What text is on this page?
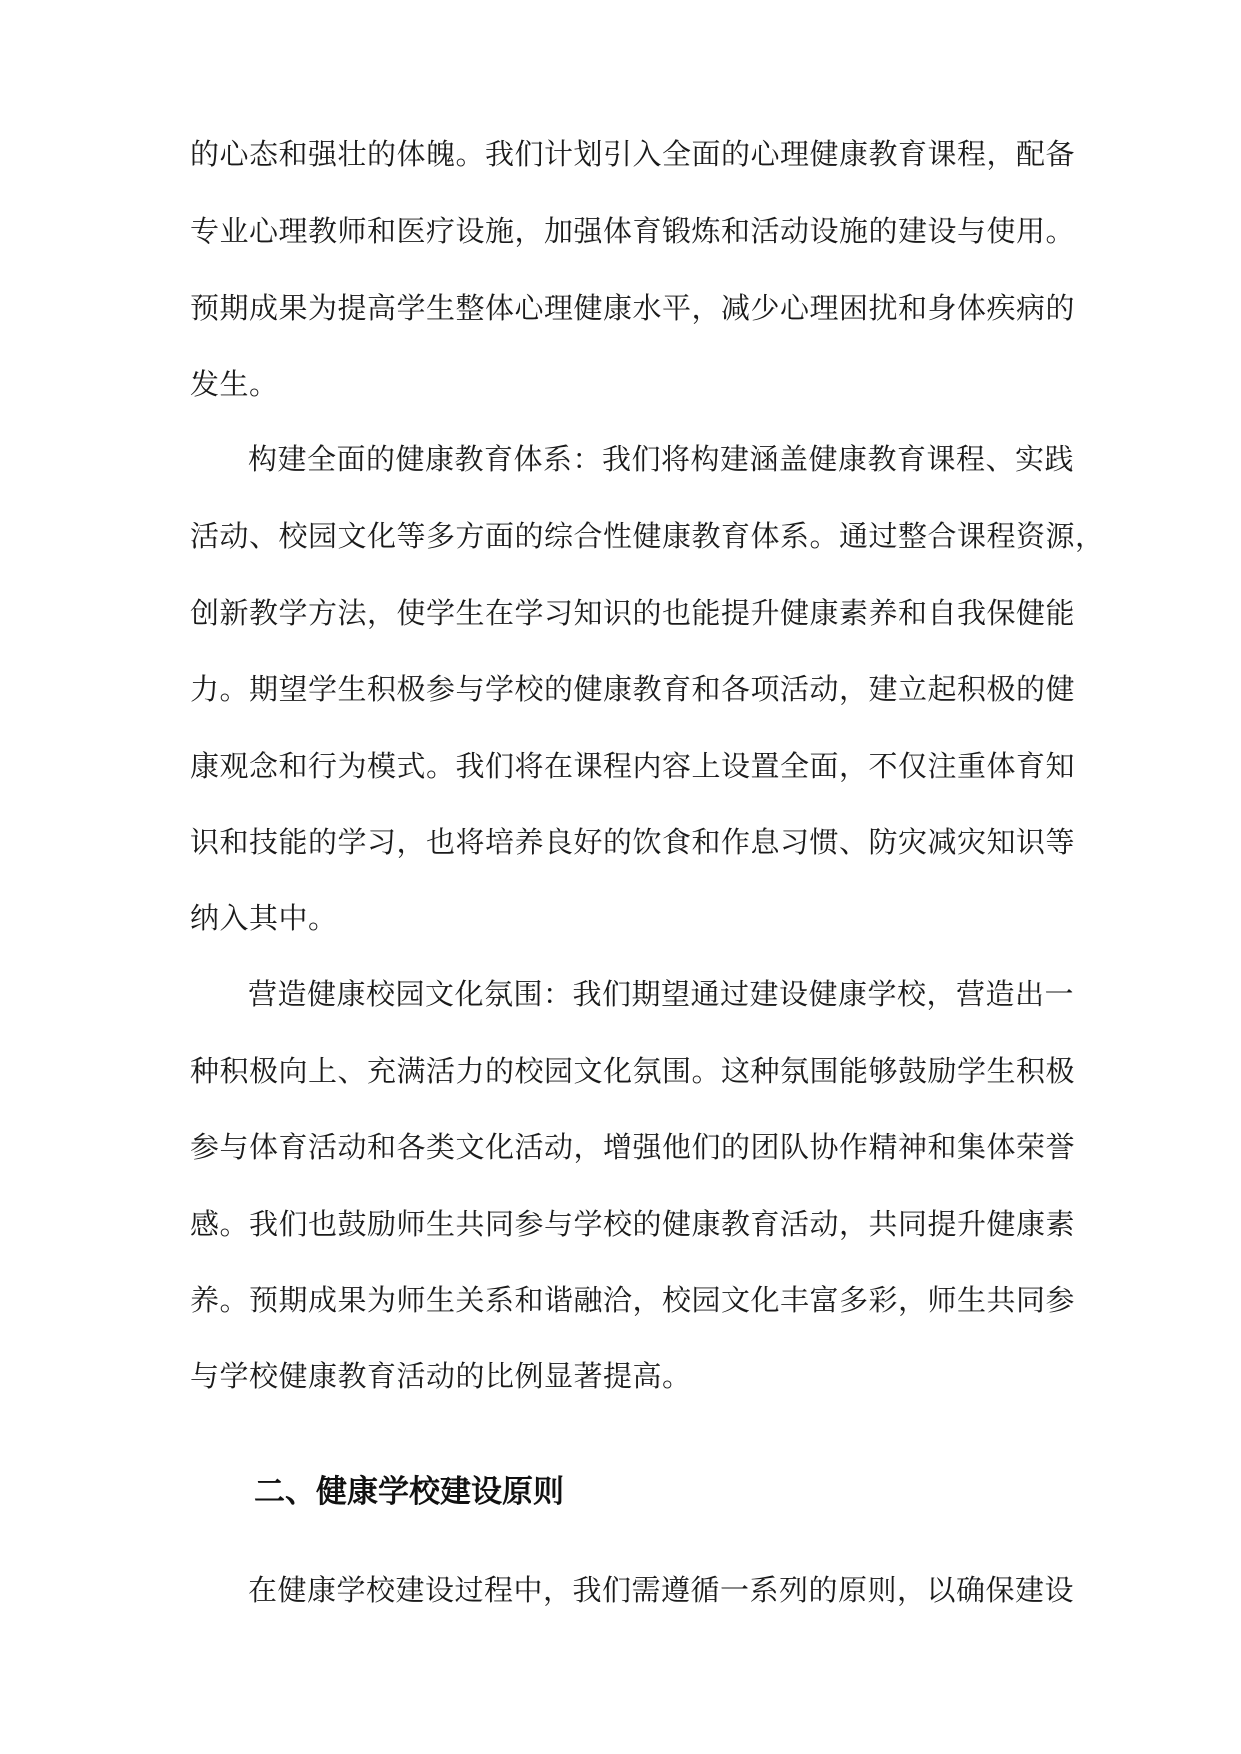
的心态和强壮的体魄。我们计划引入全面的心理健康教育课程，配备
专业心理教师和医疗设施，加强体育锻炼和活动设施的建设与使用。
预期成果为提高学生整体心理健康水平，减少心理困扰和身体疾病的
发生。
构建全面的健康教育体系：我们将构建涵盖健康教育课程、实践
活动、校园文化等多方面的综合性健康教育体系。通过整合课程资源，
创新教学方法，使学生在学习知识的也能提升健康素养和自我保健能
力。期望学生积极参与学校的健康教育和各项活动，建立起积极的健
康观念和行为模式。我们将在课程内容上设置全面，不仅注重体育知
识和技能的学习，也将培养良好的饮食和作息习惯、防灾减灾知识等
纳入其中。
营造健康校园文化氛围：我们期望通过建设健康学校，营造出一
种积极向上、充满活力的校园文化氛围。这种氛围能够鼓励学生积极
参与体育活动和各类文化活动，增强他们的团队协作精神和集体荣誉
感。我们也鼓励师生共同参与学校的健康教育活动，共同提升健康素
养。预期成果为师生关系和谐融洽，校园文化丰富多彩，师生共同参
与学校健康教育活动的比例显著提高。
二、健康学校建设原则
在健康学校建设过程中，我们需遵循一系列的原则，以确保建设
